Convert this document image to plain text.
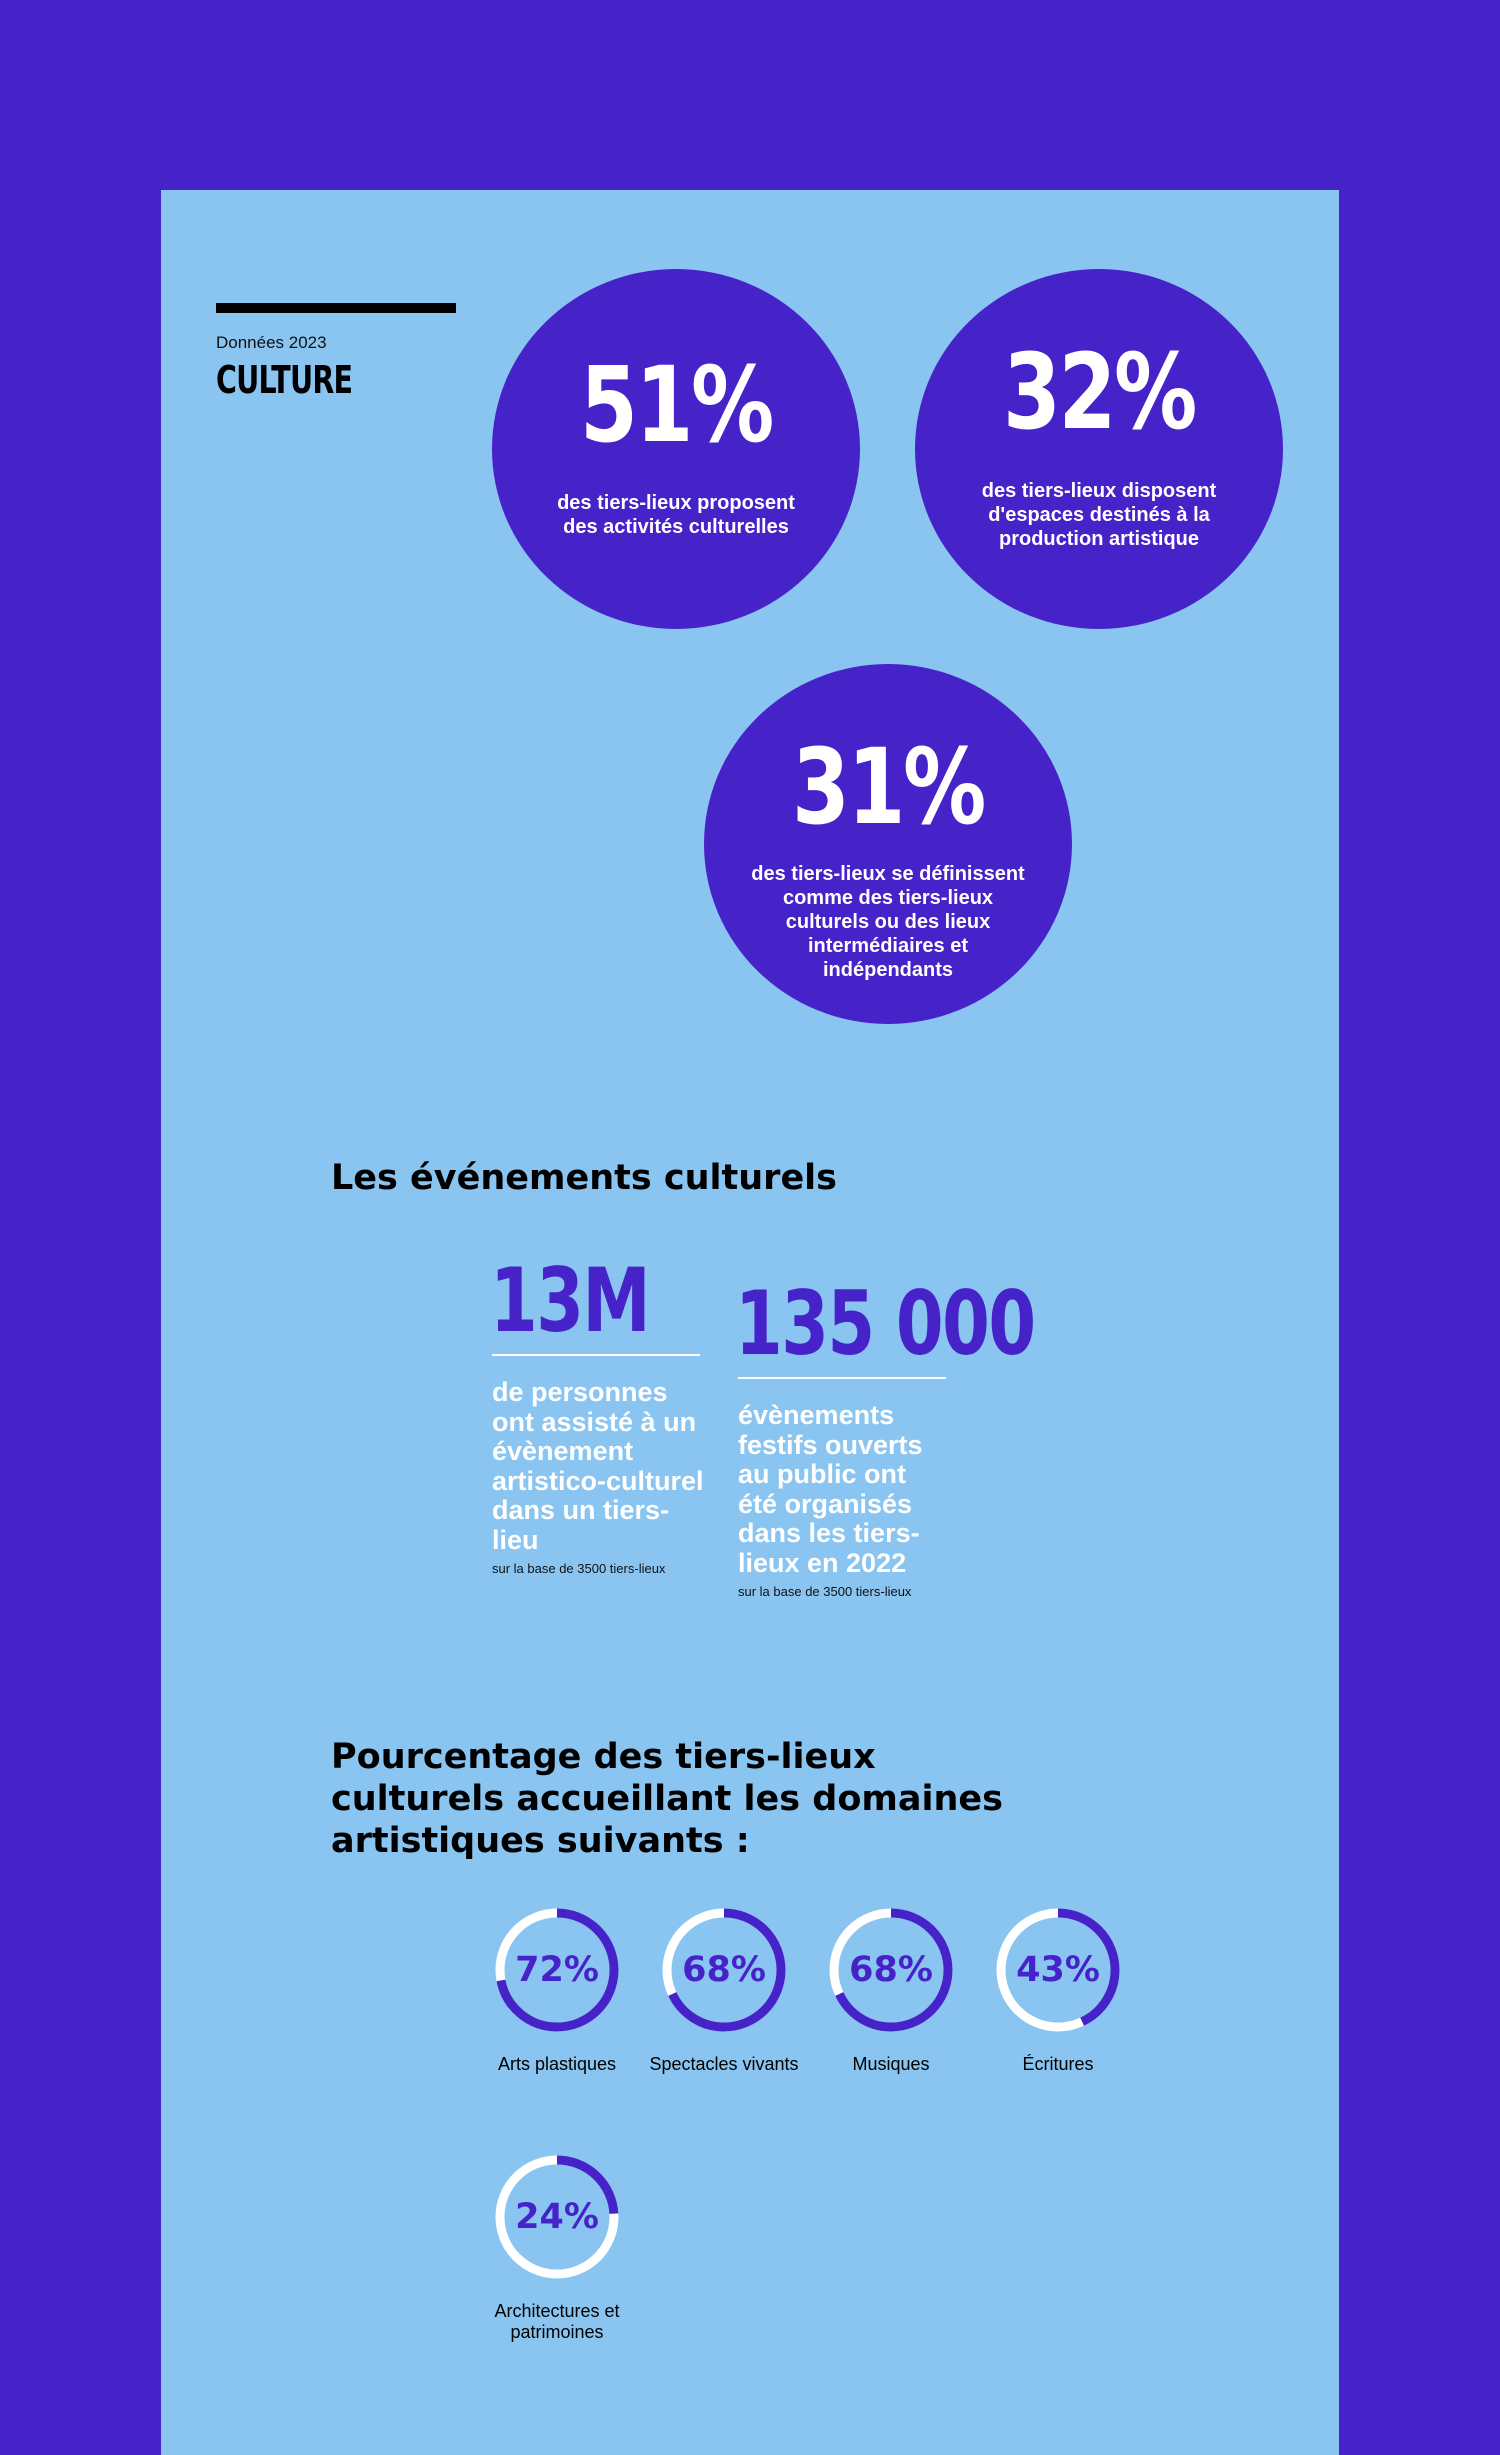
Données 2023
CULTURE	51%
des tiers-lieux proposent des activités culturelles
32%
des tiers-lieux disposent d'espaces destinés à la production artistique
31%
des tiers-lieux se définissent comme des tiers-lieux culturels ou des lieux intermédiaires et indépendants
Les événements culturels
13M
de personnes ont assisté à un évènement artistico-culturel dans un tiers-lieu
sur la base de 3500 tiers-lieux
135 000
évènements festifs ouverts au public ont été organisés dans les tiers-lieux en 2022
sur la base de 3500 tiers-lieux
Pourcentage des tiers-lieux culturels accueillant les domaines artistiques suivants :
72%
Arts plastiques
68%
Spectacles vivants
68%
Musiques
43%
Écritures
24%
Architectures et patrimoines
